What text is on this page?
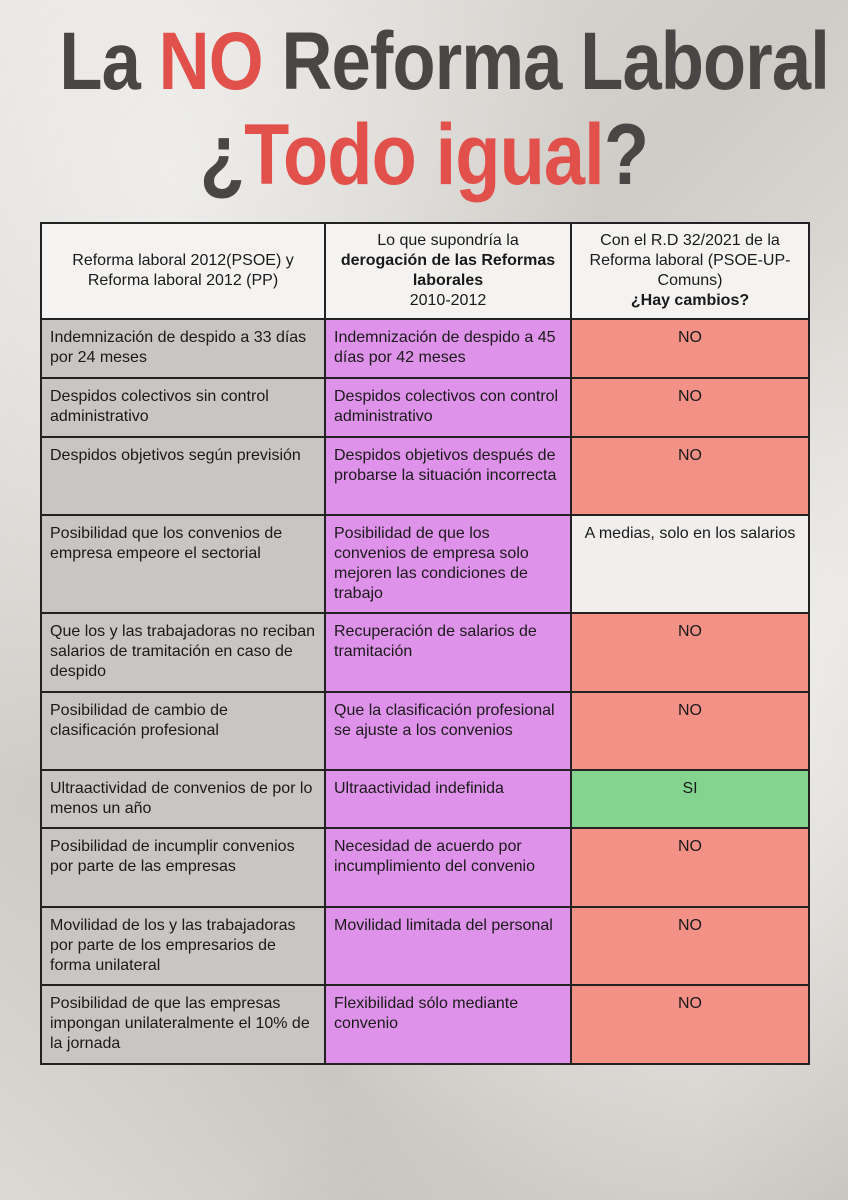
La NO Reforma Laboral
¿Todo igual?
Reforma laboral 2012(PSOE) y Reforma laboral 2012 (PP)	Lo que supondría la
derogación de las Reformas laborales
2010-2012	Con el R.D 32/2021 de la Reforma laboral (PSOE-UP-Comuns)
¿Hay cambios?

Indemnización de despido a 33 días por 24 meses	Indemnización de despido a 45 días por 42 meses	NO
Despidos colectivos sin control administrativo	Despidos colectivos con control administrativo	NO
Despidos objetivos según previsión	Despidos objetivos después de probarse la situación incorrecta	NO
Posibilidad que los convenios de empresa empeore el sectorial	Posibilidad de que los convenios de empresa solo mejoren las condiciones de trabajo	A medias, solo en los salarios
Que los y las trabajadoras no reciban salarios de tramitación en caso de despido	Recuperación de salarios de tramitación	NO
Posibilidad de cambio de clasificación profesional	Que la clasificación profesional se ajuste a los convenios	NO
Ultraactividad de convenios de por lo menos un año	Ultraactividad indefinida	SI
Posibilidad de incumplir convenios por parte de las empresas	Necesidad de acuerdo por incumplimiento del convenio	NO
Movilidad de los y las trabajadoras por parte de los empresarios de forma unilateral	Movilidad limitada del personal	NO
Posibilidad de que las empresas impongan unilateralmente el 10% de la jornada	Flexibilidad sólo mediante convenio	NO
